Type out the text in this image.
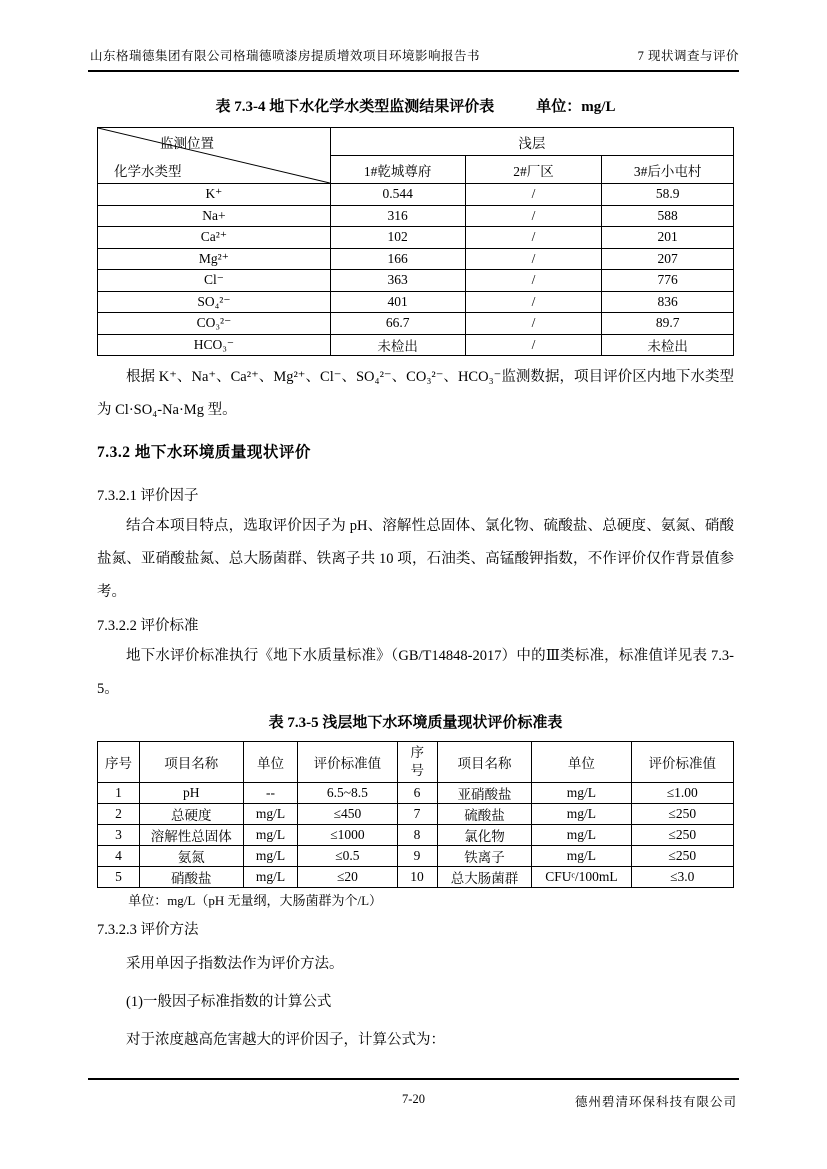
山东格瑞德集团有限公司格瑞德喷漆房提质增效项目环境影响报告书	7 现状调查与评价
表 7.3-4 地下水化学水类型监测结果评价表	单位：mg/L
监测位置
化学水类型	浅层		
	1#乾城尊府	2#厂区	3#后小屯村
K⁺	0.544	/	58.9
Na+	316	/	588
Ca²⁺	102	/	201
Mg²⁺	166	/	207
Cl⁻	363	/	776
SO₄²⁻	401	/	836
CO₃²⁻	66.7	/	89.7
HCO₃⁻	未检出	/	未检出

根据 K⁺、Na⁺、Ca²⁺、Mg²⁺、Cl⁻、SO₄²⁻、CO₃²⁻、HCO₃⁻监测数据，项目评价区内地下水类型为 Cl·SO₄-Na·Mg 型。

7.3.2 地下水环境质量现状评价

7.3.2.1 评价因子

结合本项目特点，选取评价因子为 pH、溶解性总固体、氯化物、硫酸盐、总硬度、氨氮、硝酸盐氮、亚硝酸盐氮、总大肠菌群、铁离子共 10 项，石油类、高锰酸钾指数，不作评价仅作背景值参考。

7.3.2.2 评价标准

地下水评价标准执行《地下水质量标准》（GB/T14848-2017）中的Ⅲ类标准，标准值详见表 7.3-5。

表 7.3-5 浅层地下水环境质量现状评价标准表
序号	项目名称	单位	评价标准值	序号	项目名称	单位	评价标准值
1	pH	--	6.5~8.5	6	亚硝酸盐	mg/L	≤1.00
2	总硬度	mg/L	≤450	7	硫酸盐	mg/L	≤250
3	溶解性总固体	mg/L	≤1000	8	氯化物	mg/L	≤250
4	氨氮	mg/L	≤0.5	9	铁离子	mg/L	≤250
5	硝酸盐	mg/L	≤20	10	总大肠菌群	CFUᶜ/100mL	≤3.0

单位：mg/L（pH 无量纲，大肠菌群为个/L）

7.3.2.3 评价方法

采用单因子指数法作为评价方法。

(1)一般因子标准指数的计算公式

对于浓度越高危害越大的评价因子，计算公式为：

7-20	德州碧清环保科技有限公司
